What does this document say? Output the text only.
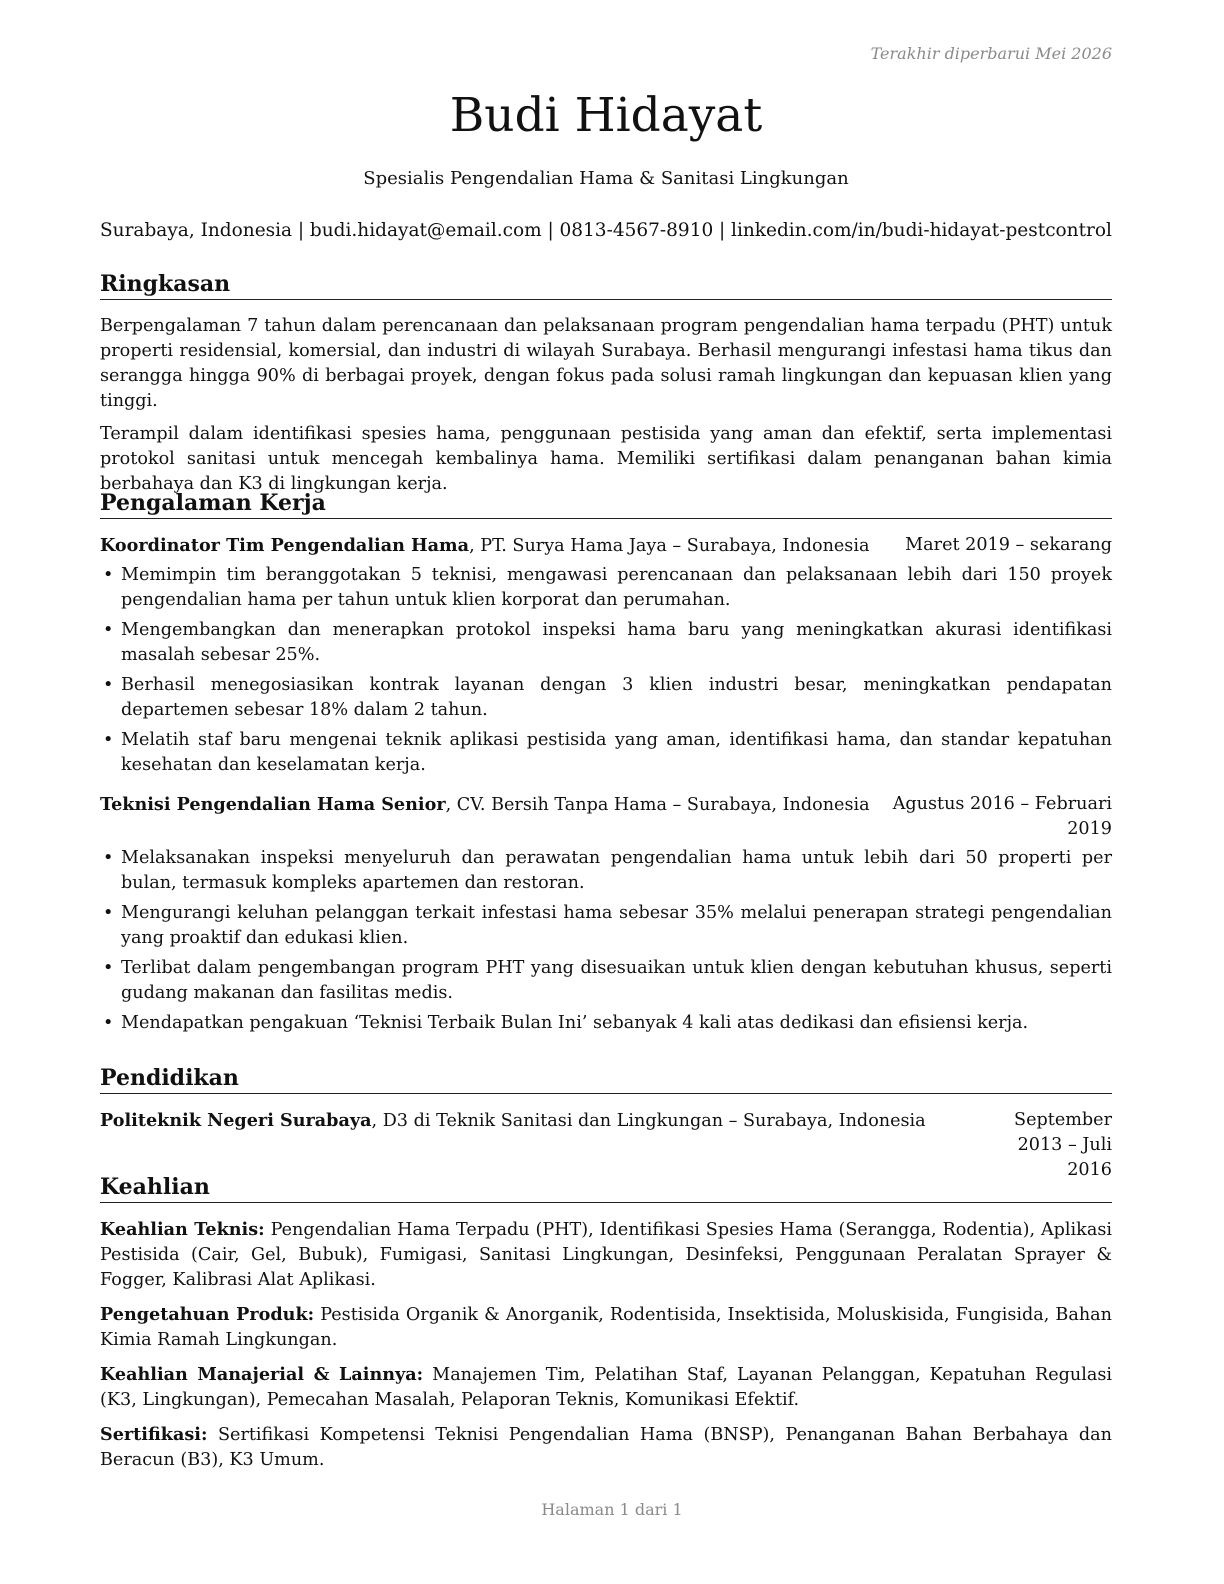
Terakhir diperbarui Mei 2026
Budi Hidayat
Spesialis Pengendalian Hama & Sanitasi Lingkungan
Surabaya, Indonesia | budi.hidayat@email.com | 0813-4567-8910 | linkedin.com/in/budi-hidayat-pestcontrol
Ringkasan

Berpengalaman 7 tahun dalam perencanaan dan pelaksanaan program pengendalian hama terpadu (PHT) untuk properti residensial, komersial, dan industri di wilayah Surabaya. Berhasil mengurangi infestasi hama tikus dan serangga hingga 90% di berbagai proyek, dengan fokus pada solusi ramah lingkungan dan kepuasan klien yang tinggi.

Terampil dalam identifikasi spesies hama, penggunaan pestisida yang aman dan efektif, serta implementasi protokol sanitasi untuk mencegah kembalinya hama. Memiliki sertifikasi dalam penanganan bahan kimia berbahaya dan K3 di lingkungan kerja.

Pengalaman Kerja
Koordinator Tim Pengendalian Hama, PT. Surya Hama Jaya – Surabaya, Indonesia Maret 2019 – sekarang
• Memimpin tim beranggotakan 5 teknisi, mengawasi perencanaan dan pelaksanaan lebih dari 150 proyek pengendalian hama per tahun untuk klien korporat dan perumahan.
• Mengembangkan dan menerapkan protokol inspeksi hama baru yang meningkatkan akurasi identifikasi masalah sebesar 25%.
• Berhasil menegosiasikan kontrak layanan dengan 3 klien industri besar, meningkatkan pendapatan departemen sebesar 18% dalam 2 tahun.
• Melatih staf baru mengenai teknik aplikasi pestisida yang aman, identifikasi hama, dan standar kepatuhan kesehatan dan keselamatan kerja.
Teknisi Pengendalian Hama Senior, CV. Bersih Tanpa Hama – Surabaya, Indonesia	Agustus 2016 – Februari 2019
• Melaksanakan inspeksi menyeluruh dan perawatan pengendalian hama untuk lebih dari 50 properti per bulan, termasuk kompleks apartemen dan restoran.
• Mengurangi keluhan pelanggan terkait infestasi hama sebesar 35% melalui penerapan strategi pengendalian yang proaktif dan edukasi klien.
• Terlibat dalam pengembangan program PHT yang disesuaikan untuk klien dengan kebutuhan khusus, seperti gudang makanan dan fasilitas medis.
• Mendapatkan pengakuan ‘Teknisi Terbaik Bulan Ini’ sebanyak 4 kali atas dedikasi dan efisiensi kerja.
Pendidikan
Politeknik Negeri Surabaya, D3 di Teknik Sanitasi dan Lingkungan – Surabaya, Indonesia	September 2013 – Juli 2016
Keahlian

Keahlian Teknis: Pengendalian Hama Terpadu (PHT), Identifikasi Spesies Hama (Serangga, Rodentia), Aplikasi Pestisida (Cair, Gel, Bubuk), Fumigasi, Sanitasi Lingkungan, Desinfeksi, Penggunaan Peralatan Sprayer & Fogger, Kalibrasi Alat Aplikasi.

Pengetahuan Produk: Pestisida Organik & Anorganik, Rodentisida, Insektisida, Moluskisida, Fungisida, Bahan Kimia Ramah Lingkungan.

Keahlian Manajerial & Lainnya: Manajemen Tim, Pelatihan Staf, Layanan Pelanggan, Kepatuhan Regulasi (K3, Lingkungan), Pemecahan Masalah, Pelaporan Teknis, Komunikasi Efektif.

Sertifikasi: Sertifikasi Kompetensi Teknisi Pengendalian Hama (BNSP), Penanganan Bahan Berbahaya dan Beracun (B3), K3 Umum.

Halaman 1 dari 1
